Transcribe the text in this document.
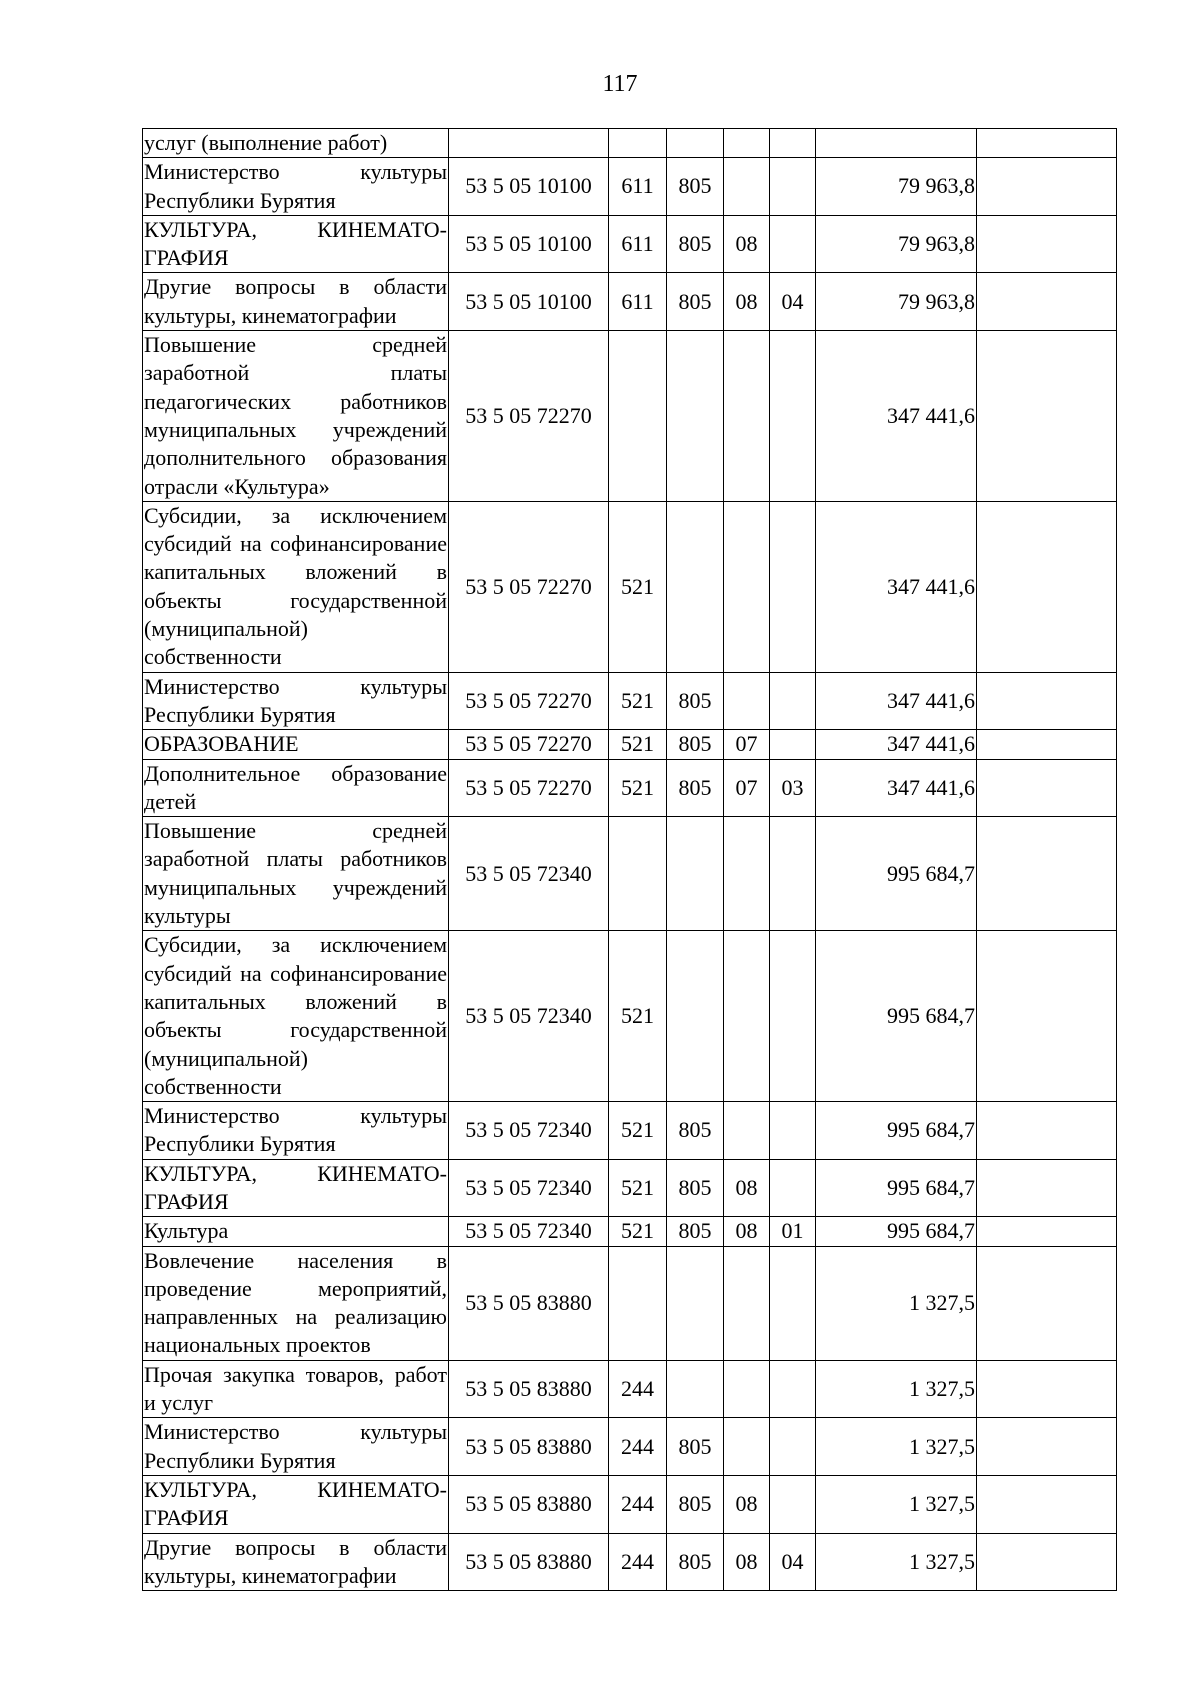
117
услуг (выполнение работ)							
Министерство культуры Республики Бурятия	53 5 05 10100	611	805			79 963,8	
КУЛЬТУРА, КИНЕМАТО-ГРАФИЯ	53 5 05 10100	611	805	08		79 963,8	
Другие вопросы в области культуры, кинематографии	53 5 05 10100	611	805	08	04	79 963,8	
Повышение средней заработной платы педагогических работников муниципальных учреждений дополнительного образования отрасли «Культура»	53 5 05 72270					347 441,6	
Субсидии, за исключением субсидий на софинансирование капитальных вложений в объекты государственной (муниципальной) собственности	53 5 05 72270	521				347 441,6	
Министерство культуры Республики Бурятия	53 5 05 72270	521	805			347 441,6	
ОБРАЗОВАНИЕ	53 5 05 72270	521	805	07		347 441,6	
Дополнительное образование детей	53 5 05 72270	521	805	07	03	347 441,6	
Повышение средней заработной платы работников муниципальных учреждений культуры	53 5 05 72340					995 684,7	
Субсидии, за исключением субсидий на софинансирование капитальных вложений в объекты государственной (муниципальной) собственности	53 5 05 72340	521				995 684,7	
Министерство культуры Республики Бурятия	53 5 05 72340	521	805			995 684,7	
КУЛЬТУРА, КИНЕМАТО-ГРАФИЯ	53 5 05 72340	521	805	08		995 684,7	
Культура	53 5 05 72340	521	805	08	01	995 684,7	
Вовлечение населения в проведение мероприятий, направленных на реализацию национальных проектов	53 5 05 83880					1 327,5	
Прочая закупка товаров, работ и услуг	53 5 05 83880	244				1 327,5	
Министерство культуры Республики Бурятия	53 5 05 83880	244	805			1 327,5	
КУЛЬТУРА, КИНЕМАТО-ГРАФИЯ	53 5 05 83880	244	805	08		1 327,5	
Другие вопросы в области культуры, кинематографии	53 5 05 83880	244	805	08	04	1 327,5	
